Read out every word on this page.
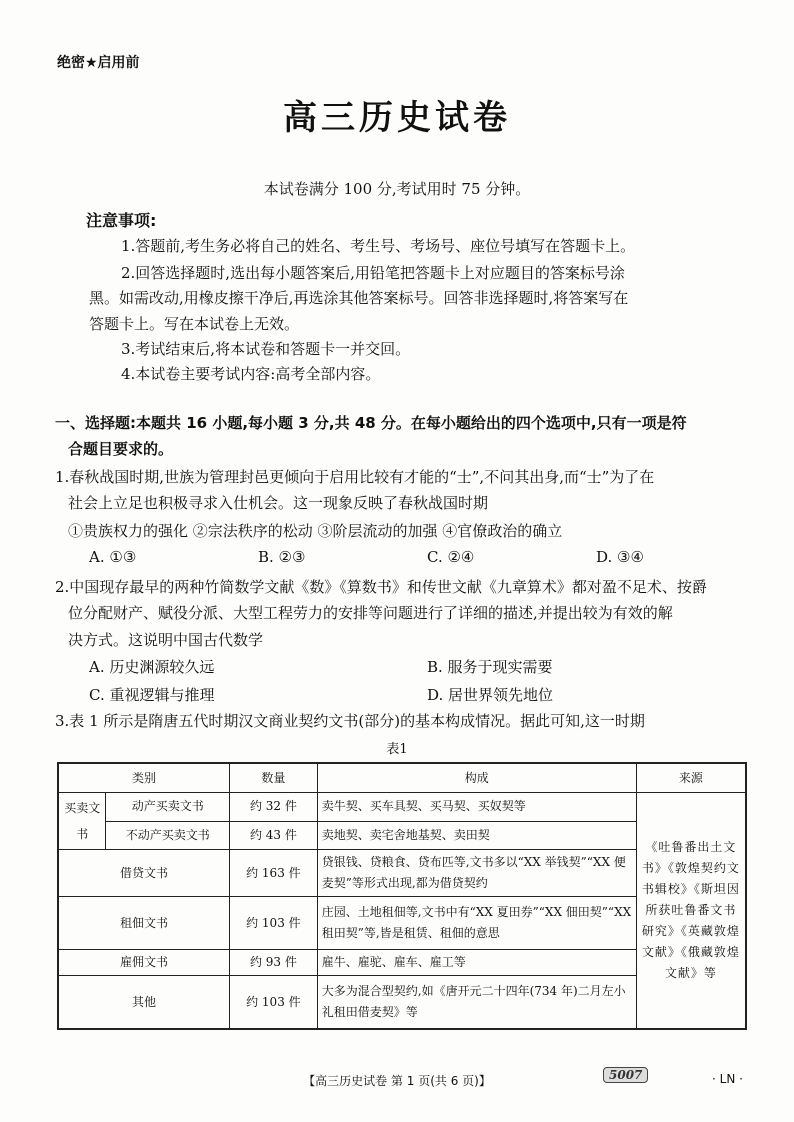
绝密★启用前
高三历史试卷
本试卷满分 100 分,考试用时 75 分钟。
注意事项:
1.答题前,考生务必将自己的姓名、考生号、考场号、座位号填写在答题卡上。
2.回答选择题时,选出每小题答案后,用铅笔把答题卡上对应题目的答案标号涂
黑。如需改动,用橡皮擦干净后,再选涂其他答案标号。回答非选择题时,将答案写在
答题卡上。写在本试卷上无效。
3.考试结束后,将本试卷和答题卡一并交回。
4.本试卷主要考试内容:高考全部内容。
一、选择题:本题共 16 小题,每小题 3 分,共 48 分。在每小题给出的四个选项中,只有一项是符
合题目要求的。
1.春秋战国时期,世族为管理封邑更倾向于启用比较有才能的“士”,不问其出身,而“士”为了在
社会上立足也积极寻求入仕机会。这一现象反映了春秋战国时期
①贵族权力的强化 ②宗法秩序的松动 ③阶层流动的加强 ④官僚政治的确立
A. ①③	B. ②③	C. ②④	D. ③④
2.中国现存最早的两种竹简数学文献《数》《算数书》和传世文献《九章算术》都对盈不足术、按爵
位分配财产、赋役分派、大型工程劳力的安排等问题进行了详细的描述,并提出较为有效的解
决方式。这说明中国古代数学
A. 历史渊源较久远	B. 服务于现实需要
C. 重视逻辑与推理	D. 居世界领先地位
3.表 1 所示是隋唐五代时期汉文商业契约文书(部分)的基本构成情况。据此可知,这一时期
表1
类别		数量	构成	来源
买卖文书	动产买卖文书	约 32 件	卖牛契、买车具契、买马契、买奴契等	《吐鲁番出土文书》《敦煌契约文书辑校》《斯坦因所获吐鲁番文书研究》《英藏敦煌文献》《俄藏敦煌文献》等
	不动产买卖文书	约 43 件	卖地契、卖宅舍地基契、卖田契	
借贷文书		约 163 件	贷银钱、贷粮食、贷布匹等,文书多以“XX 举钱契”“XX 便麦契”等形式出现,都为借贷契约	
租佃文书		约 103 件	庄园、土地租佃等,文书中有“XX 夏田券”“XX 佃田契”“XX 租田契”等,皆是租赁、租佃的意思	
雇佣文书		约 93 件	雇牛、雇驼、雇车、雇工等	
其他		约 103 件	大多为混合型契约,如《唐开元二十四年(734 年)二月左小礼租田借麦契》等	
【高三历史试卷 第 1 页(共 6 页)】	5007	· LN ·
